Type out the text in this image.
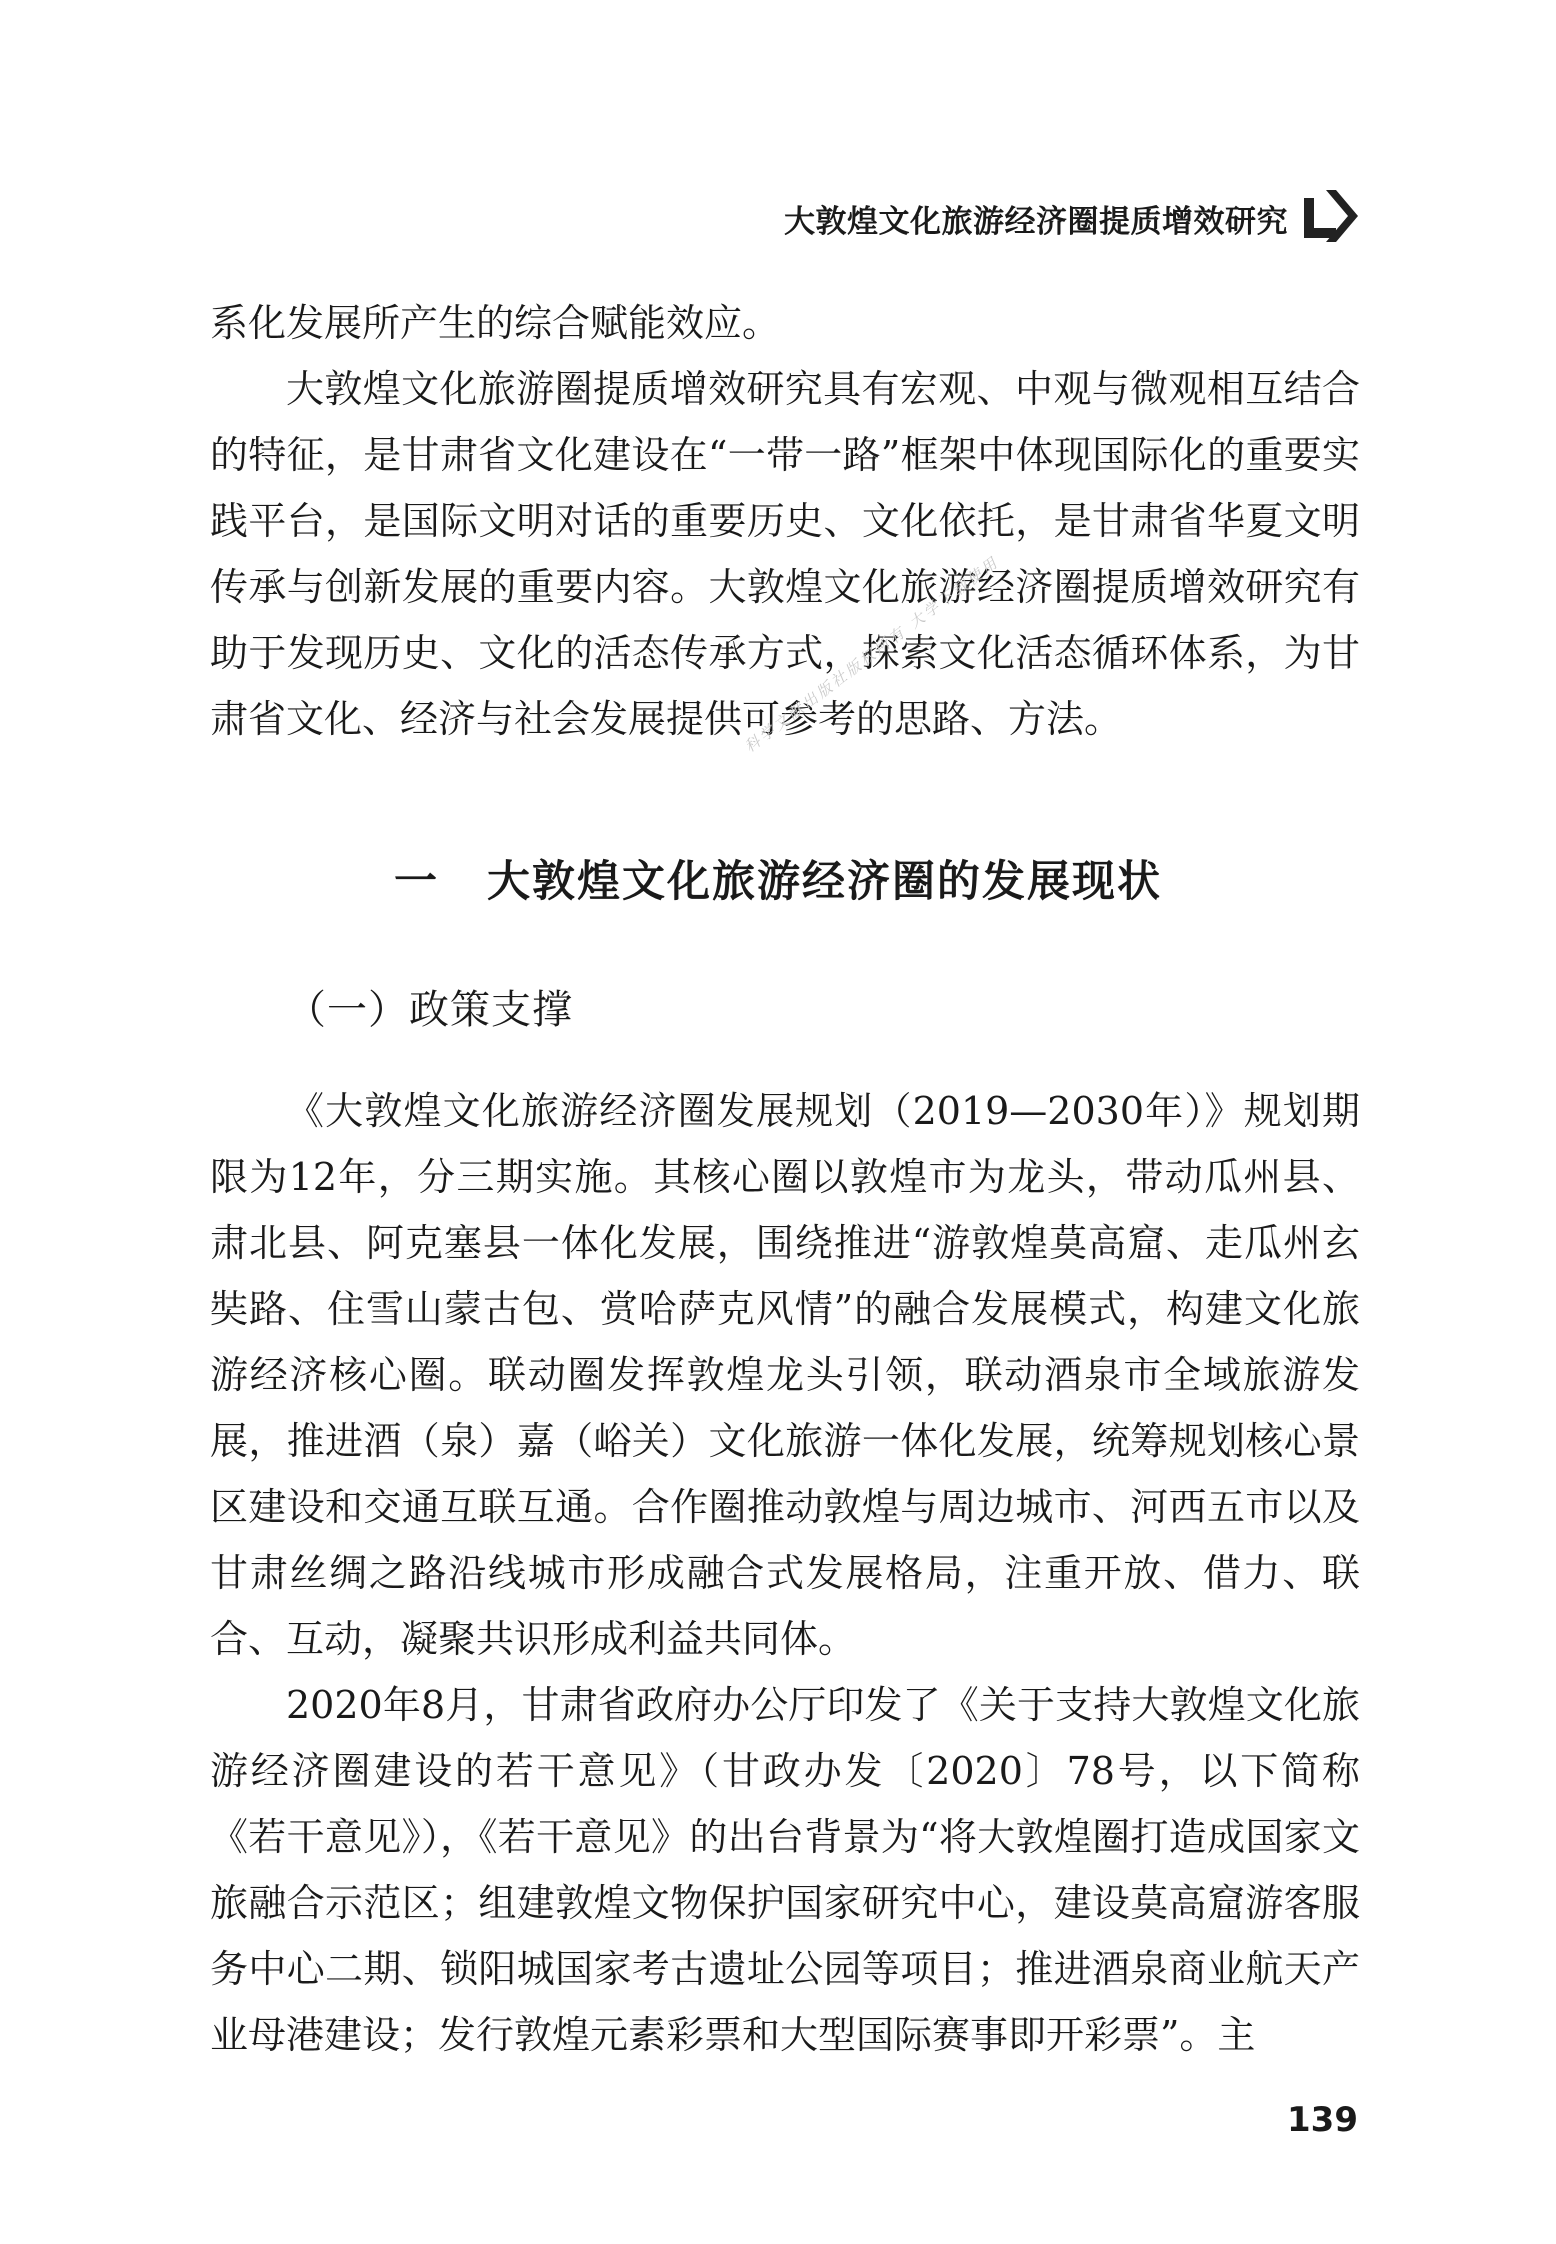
大敦煌文化旅游经济圈提质增效研究

系化发展所产生的综合赋能效应。

大敦煌文化旅游圈提质增效研究具有宏观、中观与微观相互结合的特征，是甘肃省文化建设在“一带一路”框架中体现国际化的重要实践平台，是国际文明对话的重要历史、文化依托，是甘肃省华夏文明传承与创新发展的重要内容。大敦煌文化旅游经济圈提质增效研究有助于发现历史、文化的活态传承方式，探索文化活态循环体系，为甘肃省文化、经济与社会发展提供可参考的思路、方法。

科学文献出版社版权所有 大学下载使用
一 大敦煌文化旅游经济圈的发展现状
（一）政策支撑

《大敦煌文化旅游经济圈发展规划（2019—2030年）》规划期限为12年，分三期实施。其核心圈以敦煌市为龙头，带动瓜州县、肃北县、阿克塞县一体化发展，围绕推进“游敦煌莫高窟、走瓜州玄奘路、住雪山蒙古包、赏哈萨克风情”的融合发展模式，构建文化旅游经济核心圈。联动圈发挥敦煌龙头引领，联动酒泉市全域旅游发展，推进酒（泉）嘉（峪关）文化旅游一体化发展，统筹规划核心景区建设和交通互联互通。合作圈推动敦煌与周边城市、河西五市以及甘肃丝绸之路沿线城市形成融合式发展格局，注重开放、借力、联合、互动，凝聚共识形成利益共同体。

2020年8月，甘肃省政府办公厅印发了《关于支持大敦煌文化旅游经济圈建设的若干意见》（甘政办发〔2020〕78号，以下简称《若干意见》），《若干意见》的出台背景为“将大敦煌圈打造成国家文旅融合示范区；组建敦煌文物保护国家研究中心，建设莫高窟游客服务中心二期、锁阳城国家考古遗址公园等项目；推进酒泉商业航天产业母港建设；发行敦煌元素彩票和大型国际赛事即开彩票”。主

139
